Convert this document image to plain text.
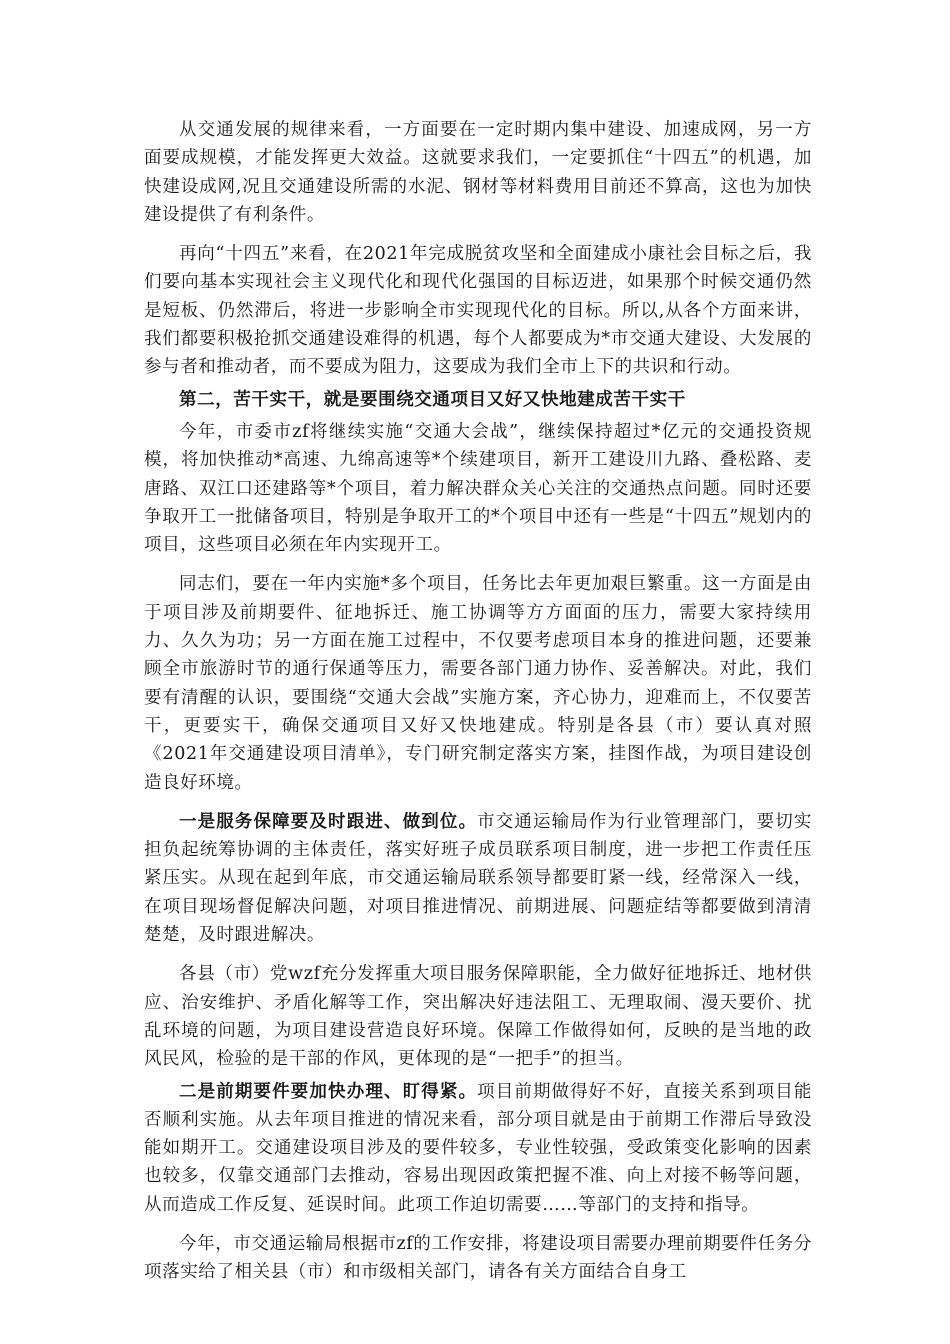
从交通发展的规律来看，一方面要在一定时期内集中建设、加速成网，另一方面要成规模，才能发挥更大效益。这就要求我们，一定要抓住“十四五”的机遇，加快建设成网,况且交通建设所需的水泥、钢材等材料费用目前还不算高，这也为加快建设提供了有利条件。

再向“十四五”来看，在2021年完成脱贫攻坚和全面建成小康社会目标之后，我们要向基本实现社会主义现代化和现代化强国的目标迈进，如果那个时候交通仍然是短板、仍然滞后，将进一步影响全市实现现代化的目标。所以,从各个方面来讲，我们都要积极抢抓交通建设难得的机遇，每个人都要成为*市交通大建设、大发展的参与者和推动者，而不要成为阻力，这要成为我们全市上下的共识和行动。

第二，苦干实干，就是要围绕交通项目又好又快地建成苦干实干

今年，市委市zf将继续实施“交通大会战”，继续保持超过*亿元的交通投资规模，将加快推动*高速、九绵高速等*个续建项目，新开工建设川九路、叠松路、麦唐路、双江口还建路等*个项目，着力解决群众关心关注的交通热点问题。同时还要争取开工一批储备项目，特别是争取开工的*个项目中还有一些是“十四五”规划内的项目，这些项目必须在年内实现开工。

同志们，要在一年内实施*多个项目，任务比去年更加艰巨繁重。这一方面是由于项目涉及前期要件、征地拆迁、施工协调等方方面面的压力，需要大家持续用力、久久为功；另一方面在施工过程中，不仅要考虑项目本身的推进问题，还要兼顾全市旅游时节的通行保通等压力，需要各部门通力协作、妥善解决。对此，我们要有清醒的认识，要围绕“交通大会战”实施方案，齐心协力，迎难而上，不仅要苦干，更要实干，确保交通项目又好又快地建成。特别是各县（市）要认真对照《2021年交通建设项目清单》，专门研究制定落实方案，挂图作战，为项目建设创造良好环境。

一是服务保障要及时跟进、做到位。市交通运输局作为行业管理部门，要切实担负起统筹协调的主体责任，落实好班子成员联系项目制度，进一步把工作责任压紧压实。从现在起到年底，市交通运输局联系领导都要盯紧一线，经常深入一线，在项目现场督促解决问题，对项目推进情况、前期进展、问题症结等都要做到清清楚楚，及时跟进解决。

各县（市）党wzf充分发挥重大项目服务保障职能，全力做好征地拆迁、地材供应、治安维护、矛盾化解等工作，突出解决好违法阻工、无理取闹、漫天要价、扰乱环境的问题，为项目建设营造良好环境。保障工作做得如何，反映的是当地的政风民风，检验的是干部的作风，更体现的是“一把手”的担当。

二是前期要件要加快办理、盯得紧。项目前期做得好不好，直接关系到项目能否顺利实施。从去年项目推进的情况来看，部分项目就是由于前期工作滞后导致没能如期开工。交通建设项目涉及的要件较多，专业性较强，受政策变化影响的因素也较多，仅靠交通部门去推动，容易出现因政策把握不准、向上对接不畅等问题，从而造成工作反复、延误时间。此项工作迫切需要……等部门的支持和指导。

今年，市交通运输局根据市zf的工作安排，将建设项目需要办理前期要件任务分项落实给了相关县（市）和市级相关部门，请各有关方面结合自身工
